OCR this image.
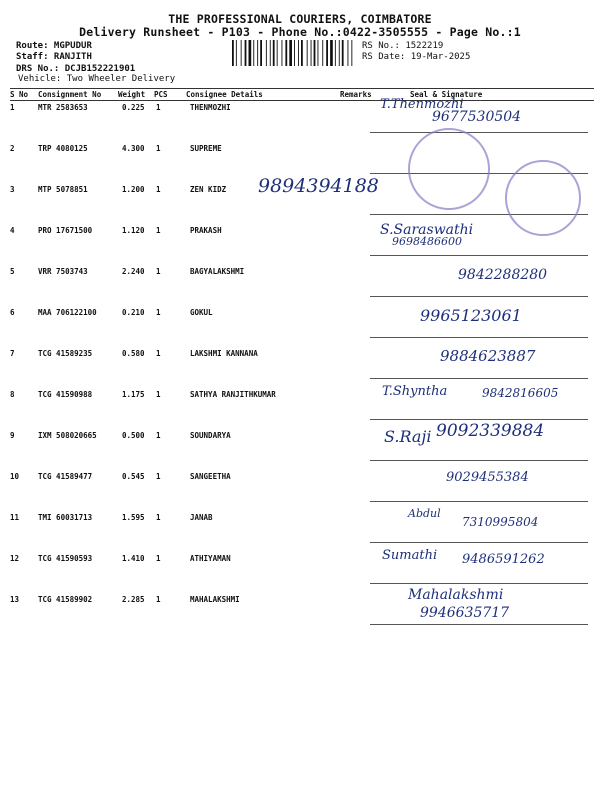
THE PROFESSIONAL COURIERS, COIMBATORE
Delivery Runsheet - P103 - Phone No.:0422-3505555 - Page No.:1
Route: MGPUDUR
Staff: RANJITH
DRS No.: DCJB152221901
Vehicle: Two Wheeler Delivery
RS No.: 1522219
RS Date: 19-Mar-2025
S No Consignment No Weight PCS Consignee Details	Remarks	Seal & Signature
1	MTR 2583653	0.225 1	THENMOZHI	T.Thenmozhi
9677530504
2	TRP 4080125	4.300 1	SUPREME
3	MTP 5078851	1.200 1	ZEN KIDZ 9894394188
4	PRO 17671500	1.120 1	PRAKASH	S.Saraswathi
9698486600
5	VRR 7503743	2.240 1	BAGYALAKSHMI	9842288280
6	MAA 706122100	0.210 1	GOKUL	9965123061
7	TCG 41589235	0.580 1	LAKSHMI KANNANA	9884623887
8	TCG 41590988	1.175 1	SATHYA RANJITHKUMAR	T.Shyntha	9842816605
9	IXM 508020665	0.500 1	SOUNDARYA	S.Raji 9092339884
10	TCG 41589477	0.545 1	SANGEETHA	9029455384
11	TMI 60031713	1.595 1	JANAB	Abdul
7310995804
12	TCG 41590593	1.410 1	ATHIYAMAN	Sumathi 9486591262
13	TCG 41589902	2.285 1	MAHALAKSHMI	Mahalakshmi
9946635717
